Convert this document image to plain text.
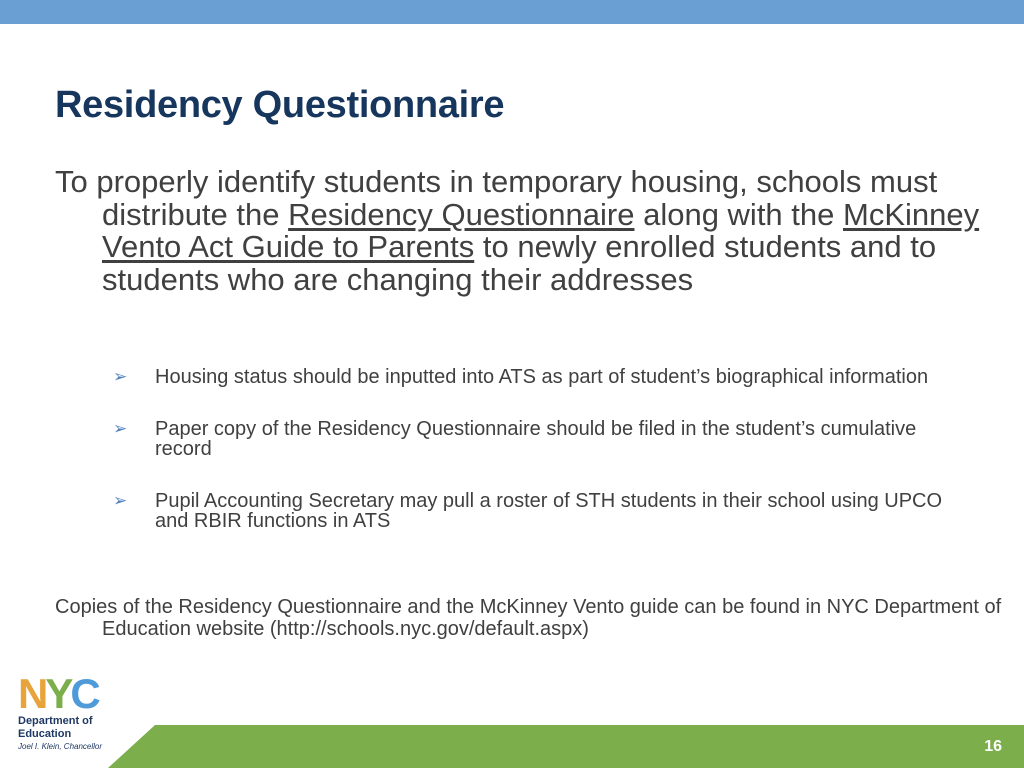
Residency Questionnaire

To properly identify students in temporary housing, schools must distribute the Residency Questionnaire along with the McKinney Vento Act Guide to Parents to newly enrolled students and to students who are changing their addresses

➢ Housing status should be inputted into ATS as part of student’s biographical information
➢ Paper copy of the Residency Questionnaire should be filed in the student’s cumulative record
➢ Pupil Accounting Secretary may pull a roster of STH students in their school using UPCO and RBIR functions in ATS

Copies of the Residency Questionnaire and the McKinney Vento guide can be found in NYC Department of Education website (http://schools.nyc.gov/default.aspx)

NYC
Department of
Education
Joel I. Klein, Chancellor	16
